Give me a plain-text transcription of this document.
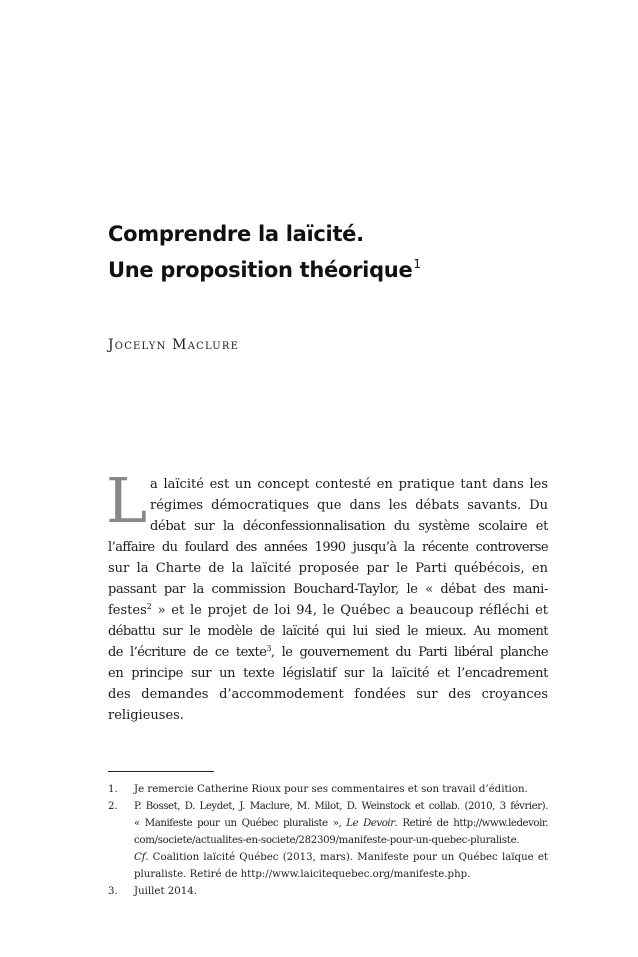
Comprendre la laïcité.
Une proposition théorique$^1$
Jocelyn Maclure
L a laïcité est un concept contesté en pratique tant dans les
régimes démocratiques que dans les débats savants. Du
débat sur la déconfessionnalisation du système scolaire et
l’affaire du foulard des années 1990 jusqu’à la récente controverse
sur la Charte de la laïcité proposée par le Parti québécois, en
passant par la commission Bouchard-Taylor, le « débat des mani-
festes$^2$ » et le projet de loi 94, le Québec a beaucoup réfléchi et
débattu sur le modèle de laïcité qui lui sied le mieux. Au moment
de l’écriture de ce texte$^3$, le gouvernement du Parti libéral planche
en principe sur un texte législatif sur la laïcité et l’encadrement
des demandes d’accommodement fondées sur des croyances
religieuses.
1. Je remercie Catherine Rioux pour ses commentaires et son travail d’édition.
2. P. Bosset, D. Leydet, J. Maclure, M. Milot, D. Weinstock et collab. (2010, 3 février).
« Manifeste pour un Québec pluraliste », Le Devoir. Retiré de http://www.ledevoir.
com/societe/actualites-en-societe/282309/manifeste-pour-un-quebec-pluraliste.
Cf. Coalition laïcité Québec (2013, mars). Manifeste pour un Québec laïque et
pluraliste. Retiré de http://www.laicitequebec.org/manifeste.php.
3. Juillet 2014.
